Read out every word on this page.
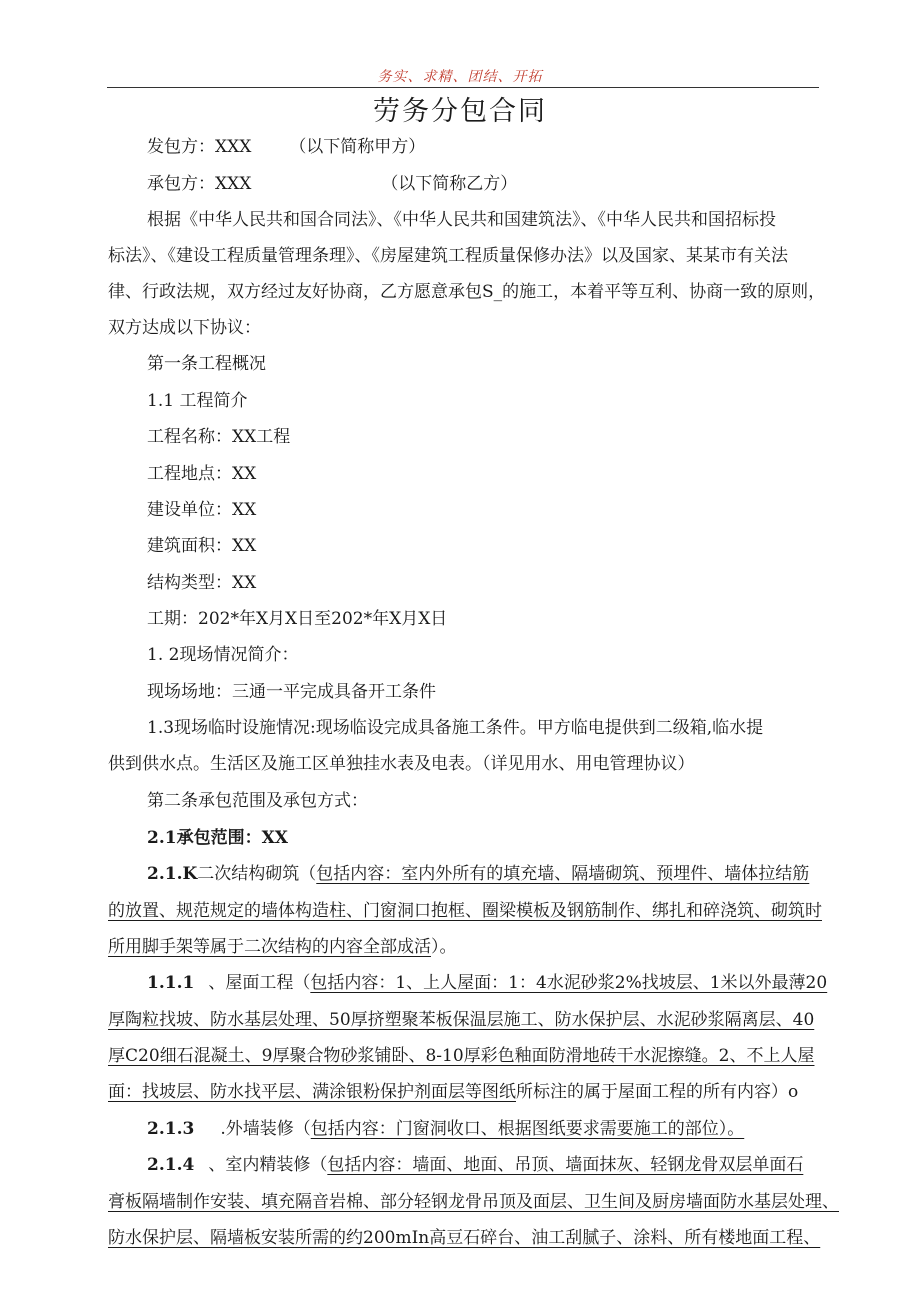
务实、求精、团结、开拓
劳务分包合同
发包方：XXX （以下简称甲方）
承包方：XXX	（以下简称乙方）
根据《中华人民共和国合同法》、《中华人民共和国建筑法》、《中华人民共和国招标投
标法》、《建设工程质量管理条理》、《房屋建筑工程质量保修办法》以及国家、某某市有关法
律、行政法规，双方经过友好协商，乙方愿意承包S_的施工，本着平等互利、协商一致的原则，
双方达成以下协议：
第一条工程概况
1.1 工程简介
工程名称：XX工程
工程地点：XX
建设单位：XX
建筑面积：XX
结构类型：XX
工期：202*年X月X日至202*年X月X日
1. 2现场情况简介：
现场场地：三通一平完成具备开工条件
1.3现场临时设施情况:现场临设完成具备施工条件。甲方临电提供到二级箱,临水提
供到供水点。生活区及施工区单独挂水表及电表。（详见用水、用电管理协议）
第二条承包范围及承包方式：
2.1承包范围：XX
2.1.K二次结构砌筑（包括内容：室内外所有的填充墙、隔墙砌筑、预埋件、墙体拉结筋
的放置、规范规定的墙体构造柱、门窗洞口抱框、圈梁模板及钢筋制作、绑扎和碎浇筑、砌筑时
所用脚手架等属于二次结构的内容全部成活）。
1.1.1 、屋面工程（包括内容：1、上人屋面：1：4水泥砂浆2%找坡层、1米以外最薄20
厚陶粒找坡、防水基层处理、50厚挤塑聚苯板保温层施工、防水保护层、水泥砂浆隔离层、40
厚C20细石混凝土、9厚聚合物砂浆铺卧、8-10厚彩色釉面防滑地砖干水泥擦缝。2、不上人屋
面：找坡层、防水找平层、满涂银粉保护剂面层等图纸所标注的属于屋面工程的所有内容）o
2.1.3 .外墙装修（包括内容：门窗洞收口、根据图纸要求需要施工的部位）。
2.1.4 、室内精装修（包括内容：墙面、地面、吊顶、墙面抹灰、轻钢龙骨双层单面石
膏板隔墙制作安装、填充隔音岩棉、部分轻钢龙骨吊顶及面层、卫生间及厨房墙面防水基层处理、
防水保护层、隔墙板安装所需的约200mIn高豆石碎台、油工刮腻子、涂料、所有楼地面工程、
